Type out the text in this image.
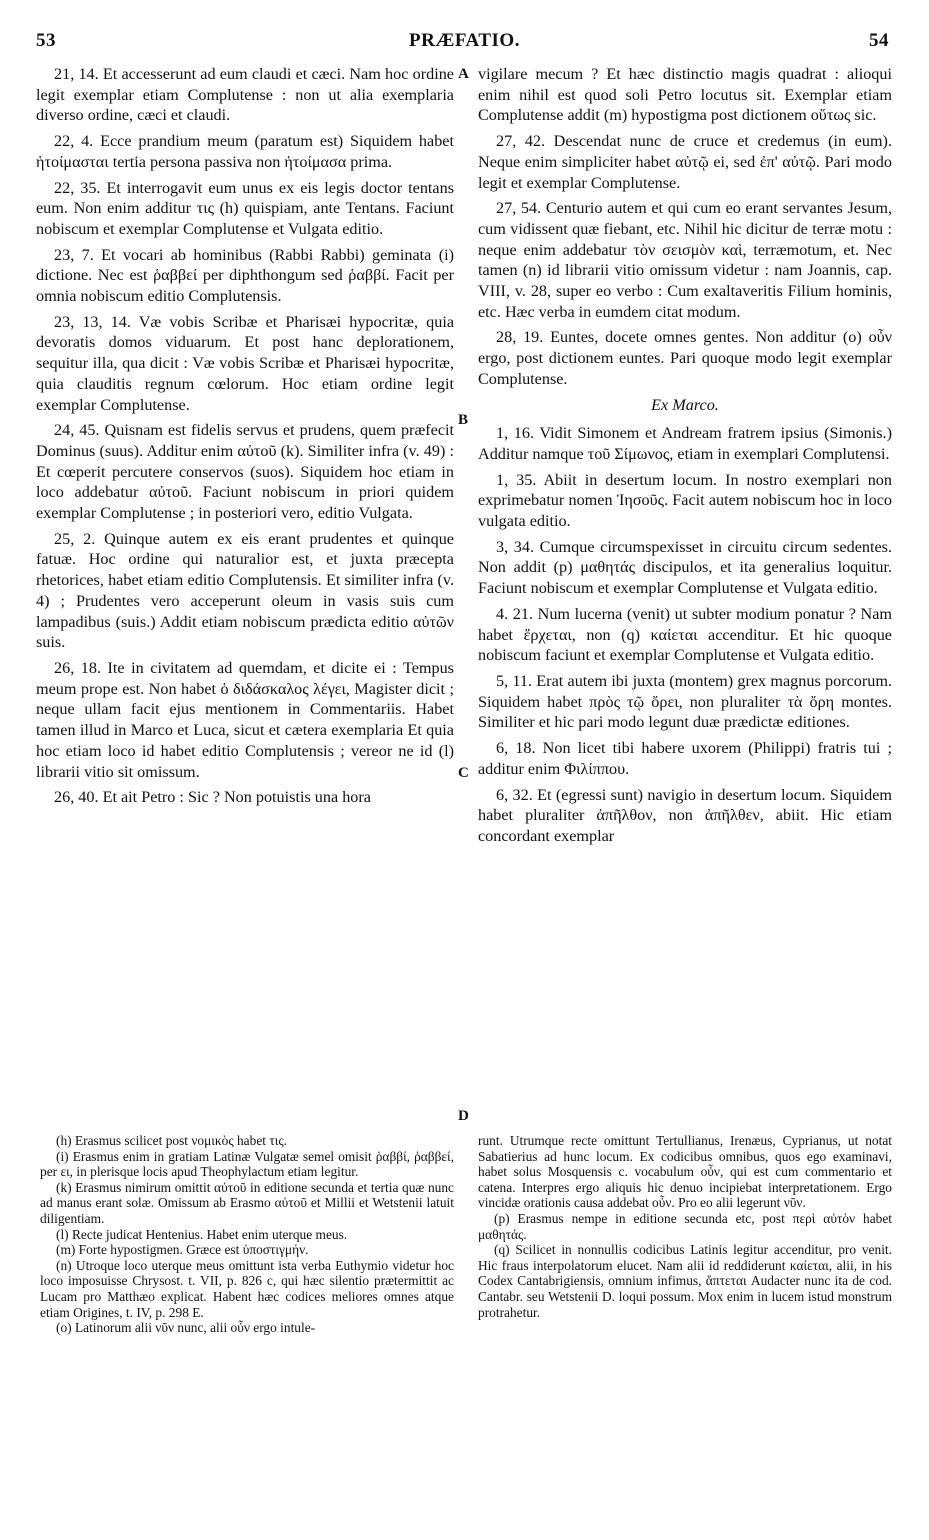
53	PRÆFATIO.	54
A
B
C
D

21, 14. Et accesserunt ad eum claudi et cæci. Nam hoc ordine legit exemplar etiam Complutense : non ut alia exemplaria diverso ordine, cæci et claudi.

22, 4. Ecce prandium meum (paratum est) Siquidem habet ἡτοίμασται tertia persona passiva non ἡτοίμασα prima.

22, 35. Et interrogavit eum unus ex eis legis doctor tentans eum. Non enim additur τις (h) quispiam, ante Tentans. Faciunt nobiscum et exemplar Complutense et Vulgata editio.

23, 7. Et vocari ab hominibus (Rabbi Rabbi) geminata (i) dictione. Nec est ῥαββεί per diphthongum sed ῥαββί. Facit per omnia nobiscum editio Complutensis.

23, 13, 14. Væ vobis Scribæ et Pharisæi hypocritæ, quia devoratis domos viduarum. Et post hanc deplorationem, sequitur illa, qua dicit : Væ vobis Scribæ et Pharisæi hypocritæ, quia clauditis regnum cœlorum. Hoc etiam ordine legit exemplar Complutense.

24, 45. Quisnam est fidelis servus et prudens, quem præfecit Dominus (suus). Additur enim αὐτοῦ (k). Similiter infra (v. 49) : Et cœperit percutere conservos (suos). Siquidem hoc etiam in loco addebatur αὐτοῦ. Faciunt nobiscum in priori quidem exemplar Complutense ; in posteriori vero, editio Vulgata.

25, 2. Quinque autem ex eis erant prudentes et quinque fatuæ. Hoc ordine qui naturalior est, et juxta præcepta rhetorices, habet etiam editio Complutensis. Et similiter infra (v. 4) ; Prudentes vero acceperunt oleum in vasis suis cum lampadibus (suis.) Addit etiam nobiscum prædicta editio αὐτῶν suis.

26, 18. Ite in civitatem ad quemdam, et dicite ei : Tempus meum prope est. Non habet ὁ διδάσκαλος λέγει, Magister dicit ; neque ullam facit ejus mentionem in Commentariis. Habet tamen illud in Marco et Luca, sicut et cætera exemplaria Et quia hoc etiam loco id habet editio Complutensis ; vereor ne id (l) librarii vitio sit omissum.

26, 40. Et ait Petro : Sic ? Non potuistis una hora

vigilare mecum ? Et hæc distinctio magis quadrat : alioqui enim nihil est quod soli Petro locutus sit. Exemplar etiam Complutense addit (m) hypostigma post dictionem οὕτως sic.

27, 42. Descendat nunc de cruce et credemus (in eum). Neque enim simpliciter habet αὐτῷ ei, sed ἐπ' αὐτῷ. Pari modo legit et exemplar Complutense.

27, 54. Centurio autem et qui cum eo erant servantes Jesum, cum vidissent quæ fiebant, etc. Nihil hic dicitur de terræ motu : neque enim addebatur τὸν σεισμὸν καὶ, terræmotum, et. Nec tamen (n) id librarii vitio omissum videtur : nam Joannis, cap. VIII, v. 28, super eo verbo : Cum exaltaveritis Filium hominis, etc. Hæc verba in eumdem citat modum.

28, 19. Euntes, docete omnes gentes. Non additur (o) οὖν ergo, post dictionem euntes. Pari quoque modo legit exemplar Complutense.

Ex Marco.

1, 16. Vidit Simonem et Andream fratrem ipsius (Simonis.) Additur namque τοῦ Σίμωνος, etiam in exemplari Complutensi.

1, 35. Abiit in desertum locum. In nostro exemplari non exprimebatur nomen Ἰησοῦς. Facit autem nobiscum hoc in loco vulgata editio.

3, 34. Cumque circumspexisset in circuitu circum sedentes. Non addit (p) μαθητάς discipulos, et ita generalius loquitur. Faciunt nobiscum et exemplar Complutense et Vulgata editio.

4. 21. Num lucerna (venit) ut subter modium ponatur ? Nam habet ἔρχεται, non (q) καίεται accenditur. Et hic quoque nobiscum faciunt et exemplar Complutense et Vulgata editio.

5, 11. Erat autem ibi juxta (montem) grex magnus porcorum. Siquidem habet πρὸς τῷ ὄρει, non pluraliter τὰ ὄρη montes. Similiter et hic pari modo legunt duæ prædictæ editiones.

6, 18. Non licet tibi habere uxorem (Philippi) fratris tui ; additur enim Φιλίππου.

6, 32. Et (egressi sunt) navigio in desertum locum. Siquidem habet pluraliter ἀπῆλθον, non ἀπῆλθεν, abiit. Hic etiam concordant exemplar

(h) Erasmus scilicet post νομικὸς habet τις.

(i) Erasmus enim in gratiam Latinæ Vulgatæ semel omisit ῥαββί, ῥαββεί, per ει, in plerisque locis apud Theophylactum etiam legitur.

(k) Erasmus nimirum omittit αὐτοῦ in editione secunda et tertia quæ nunc ad manus erant solæ. Omissum ab Erasmo αὐτοῦ et Millii et Wetstenii latuit diligentiam.

(l) Recte judicat Hentenius. Habet enim uterque meus.

(m) Forte hypostigmen. Græce est ὑποστιγμήν.

(n) Utroque loco uterque meus omittunt ista verba Euthymio videtur hoc loco imposuisse Chrysost. t. VII, p. 826 c, qui hæc silentio prætermittit ac Lucam pro Matthæo explicat. Habent hæc codices meliores omnes atque etiam Origines, t. IV, p. 298 E.

(o) Latinorum alii νῦν nunc, alii οὖν ergo intule-

runt. Utrumque recte omittunt Tertullianus, Irenæus, Cyprianus, ut notat Sabatierius ad hunc locum. Ex codicibus omnibus, quos ego examinavi, habet solus Mosquensis c. vocabulum οὖν, qui est cum commentario et catena. Interpres ergo aliquis hic denuo incipiebat interpretationem. Ergo vincidæ orationis causa addebat οὖν. Pro eo alii legerunt νῦν.

(p) Erasmus nempe in editione secunda etc, post περὶ αὐτὸν habet μαθητάς.

(q) Scilicet in nonnullis codicibus Latinis legitur accenditur, pro venit. Hic fraus interpolatorum elucet. Nam alii id reddiderunt καίεται, alii, in his Codex Cantabrigiensis, omnium infimus, ἅπτεται Audacter nunc ita de cod. Cantabr. seu Wetstenii D. loqui possum. Mox enim in lucem istud monstrum protrahetur.
